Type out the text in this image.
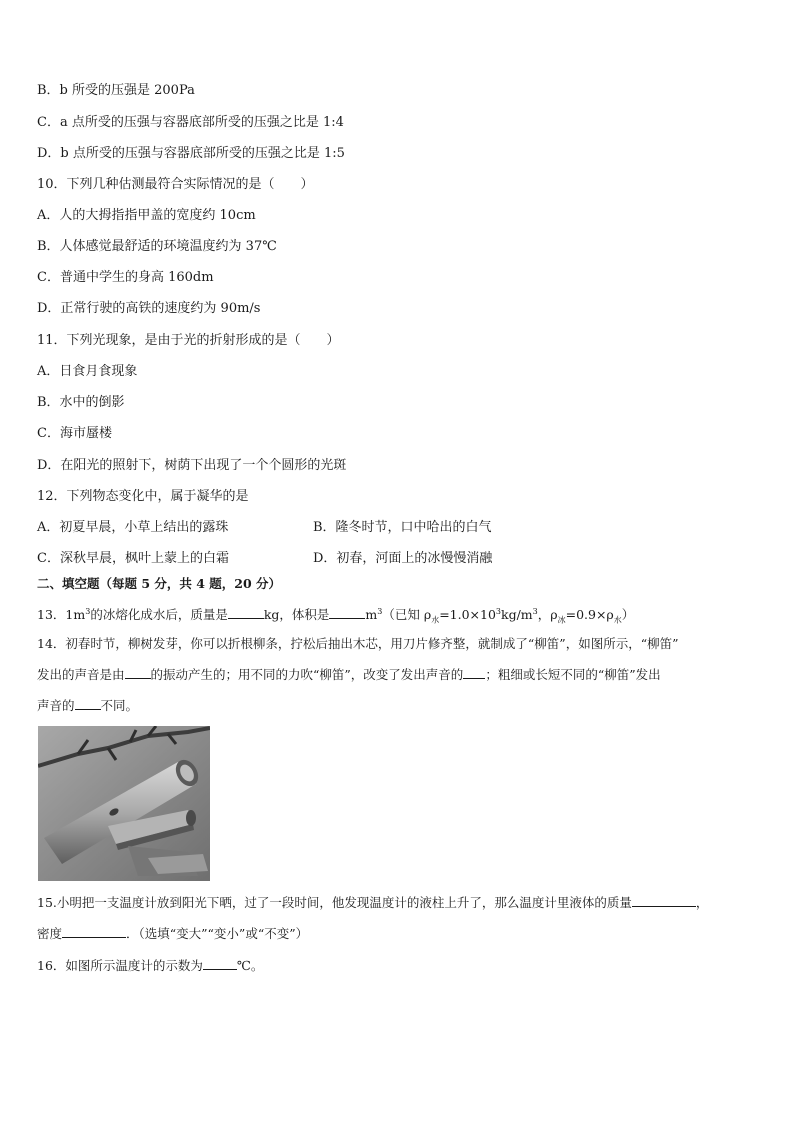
B．b 所受的压强是 200Pa
C．a 点所受的压强与容器底部所受的压强之比是 1:4
D．b 点所受的压强与容器底部所受的压强之比是 1:5
10．下列几种估测最符合实际情况的是（　　）
A．人的大拇指指甲盖的宽度约 10cm
B．人体感觉最舒适的环境温度约为 37℃
C．普通中学生的身高 160dm
D．正常行驶的高铁的速度约为 90m/s
11．下列光现象，是由于光的折射形成的是（　　）
A．日食月食现象
B．水中的倒影
C．海市蜃楼
D．在阳光的照射下，树荫下出现了一个个圆形的光斑
12．下列物态变化中，属于凝华的是
A．初夏早晨，小草上结出的露珠	B．隆冬时节，口中哈出的白气
C．深秋早晨，枫叶上蒙上的白霜	D．初春，河面上的冰慢慢消融
二、填空题（每题 5 分，共 4 题，20 分）
13．$1m^3$的冰熔化成水后，质量是	kg，体积是	$m^3$（已知 $\rho_水=1.0\times 10^3kg/m^3$，$\rho_冰=0.9\times\rho_水$）
14．初春时节，柳树发芽，你可以折根柳条，拧松后抽出木芯，用刀片修齐整，就制成了“柳笛”，如图所示，“柳笛”
发出的声音是由 的振动产生的；用不同的力吹“柳笛”，改变了发出声音的 ；粗细或长短不同的“柳笛”发出
声音的 不同。
15.小明把一支温度计放到阳光下晒，过了一段时间，他发现温度计的液柱上升了，那么温度计里液体的质量	，
密度	．（选填“变大”“变小”或“不变”）
16．如图所示温度计的示数为	℃。
